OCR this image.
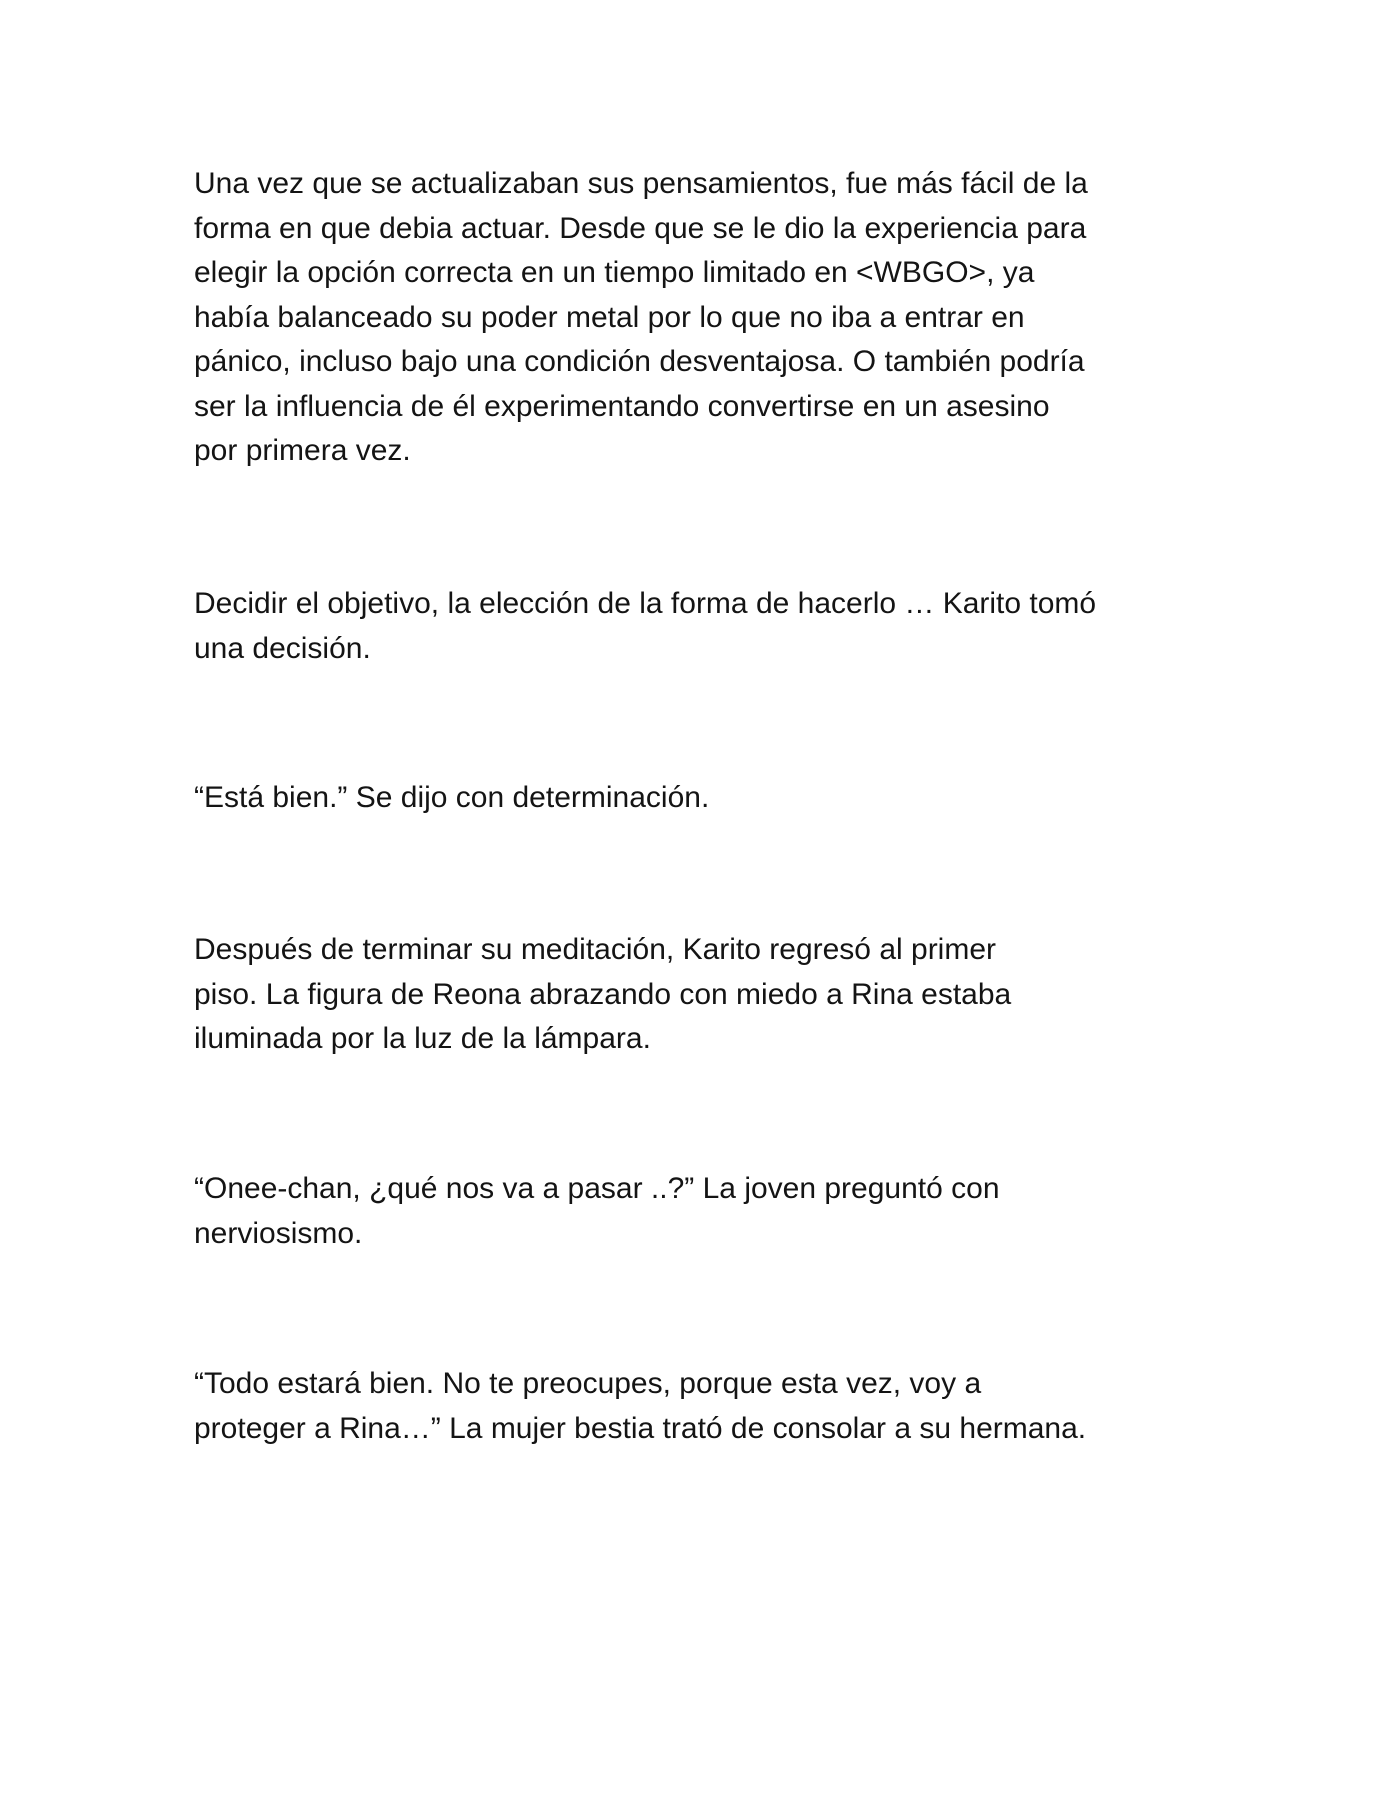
Una vez que se actualizaban sus pensamientos, fue más fácil de la
forma en que debia actuar. Desde que se le dio la experiencia para
elegir la opción correcta en un tiempo limitado en <WBGO>, ya
había balanceado su poder metal por lo que no iba a entrar en
pánico, incluso bajo una condición desventajosa. O también podría
ser la influencia de él experimentando convertirse en un asesino
por primera vez.

Decidir el objetivo, la elección de la forma de hacerlo … Karito tomó
una decisión.

“Está bien.” Se dijo con determinación.

Después de terminar su meditación, Karito regresó al primer
piso. La figura de Reona abrazando con miedo a Rina estaba
iluminada por la luz de la lámpara.

“Onee-chan, ¿qué nos va a pasar ..?” La joven preguntó con
nerviosismo.

“Todo estará bien. No te preocupes, porque esta vez, voy a
proteger a Rina…” La mujer bestia trató de consolar a su hermana.
